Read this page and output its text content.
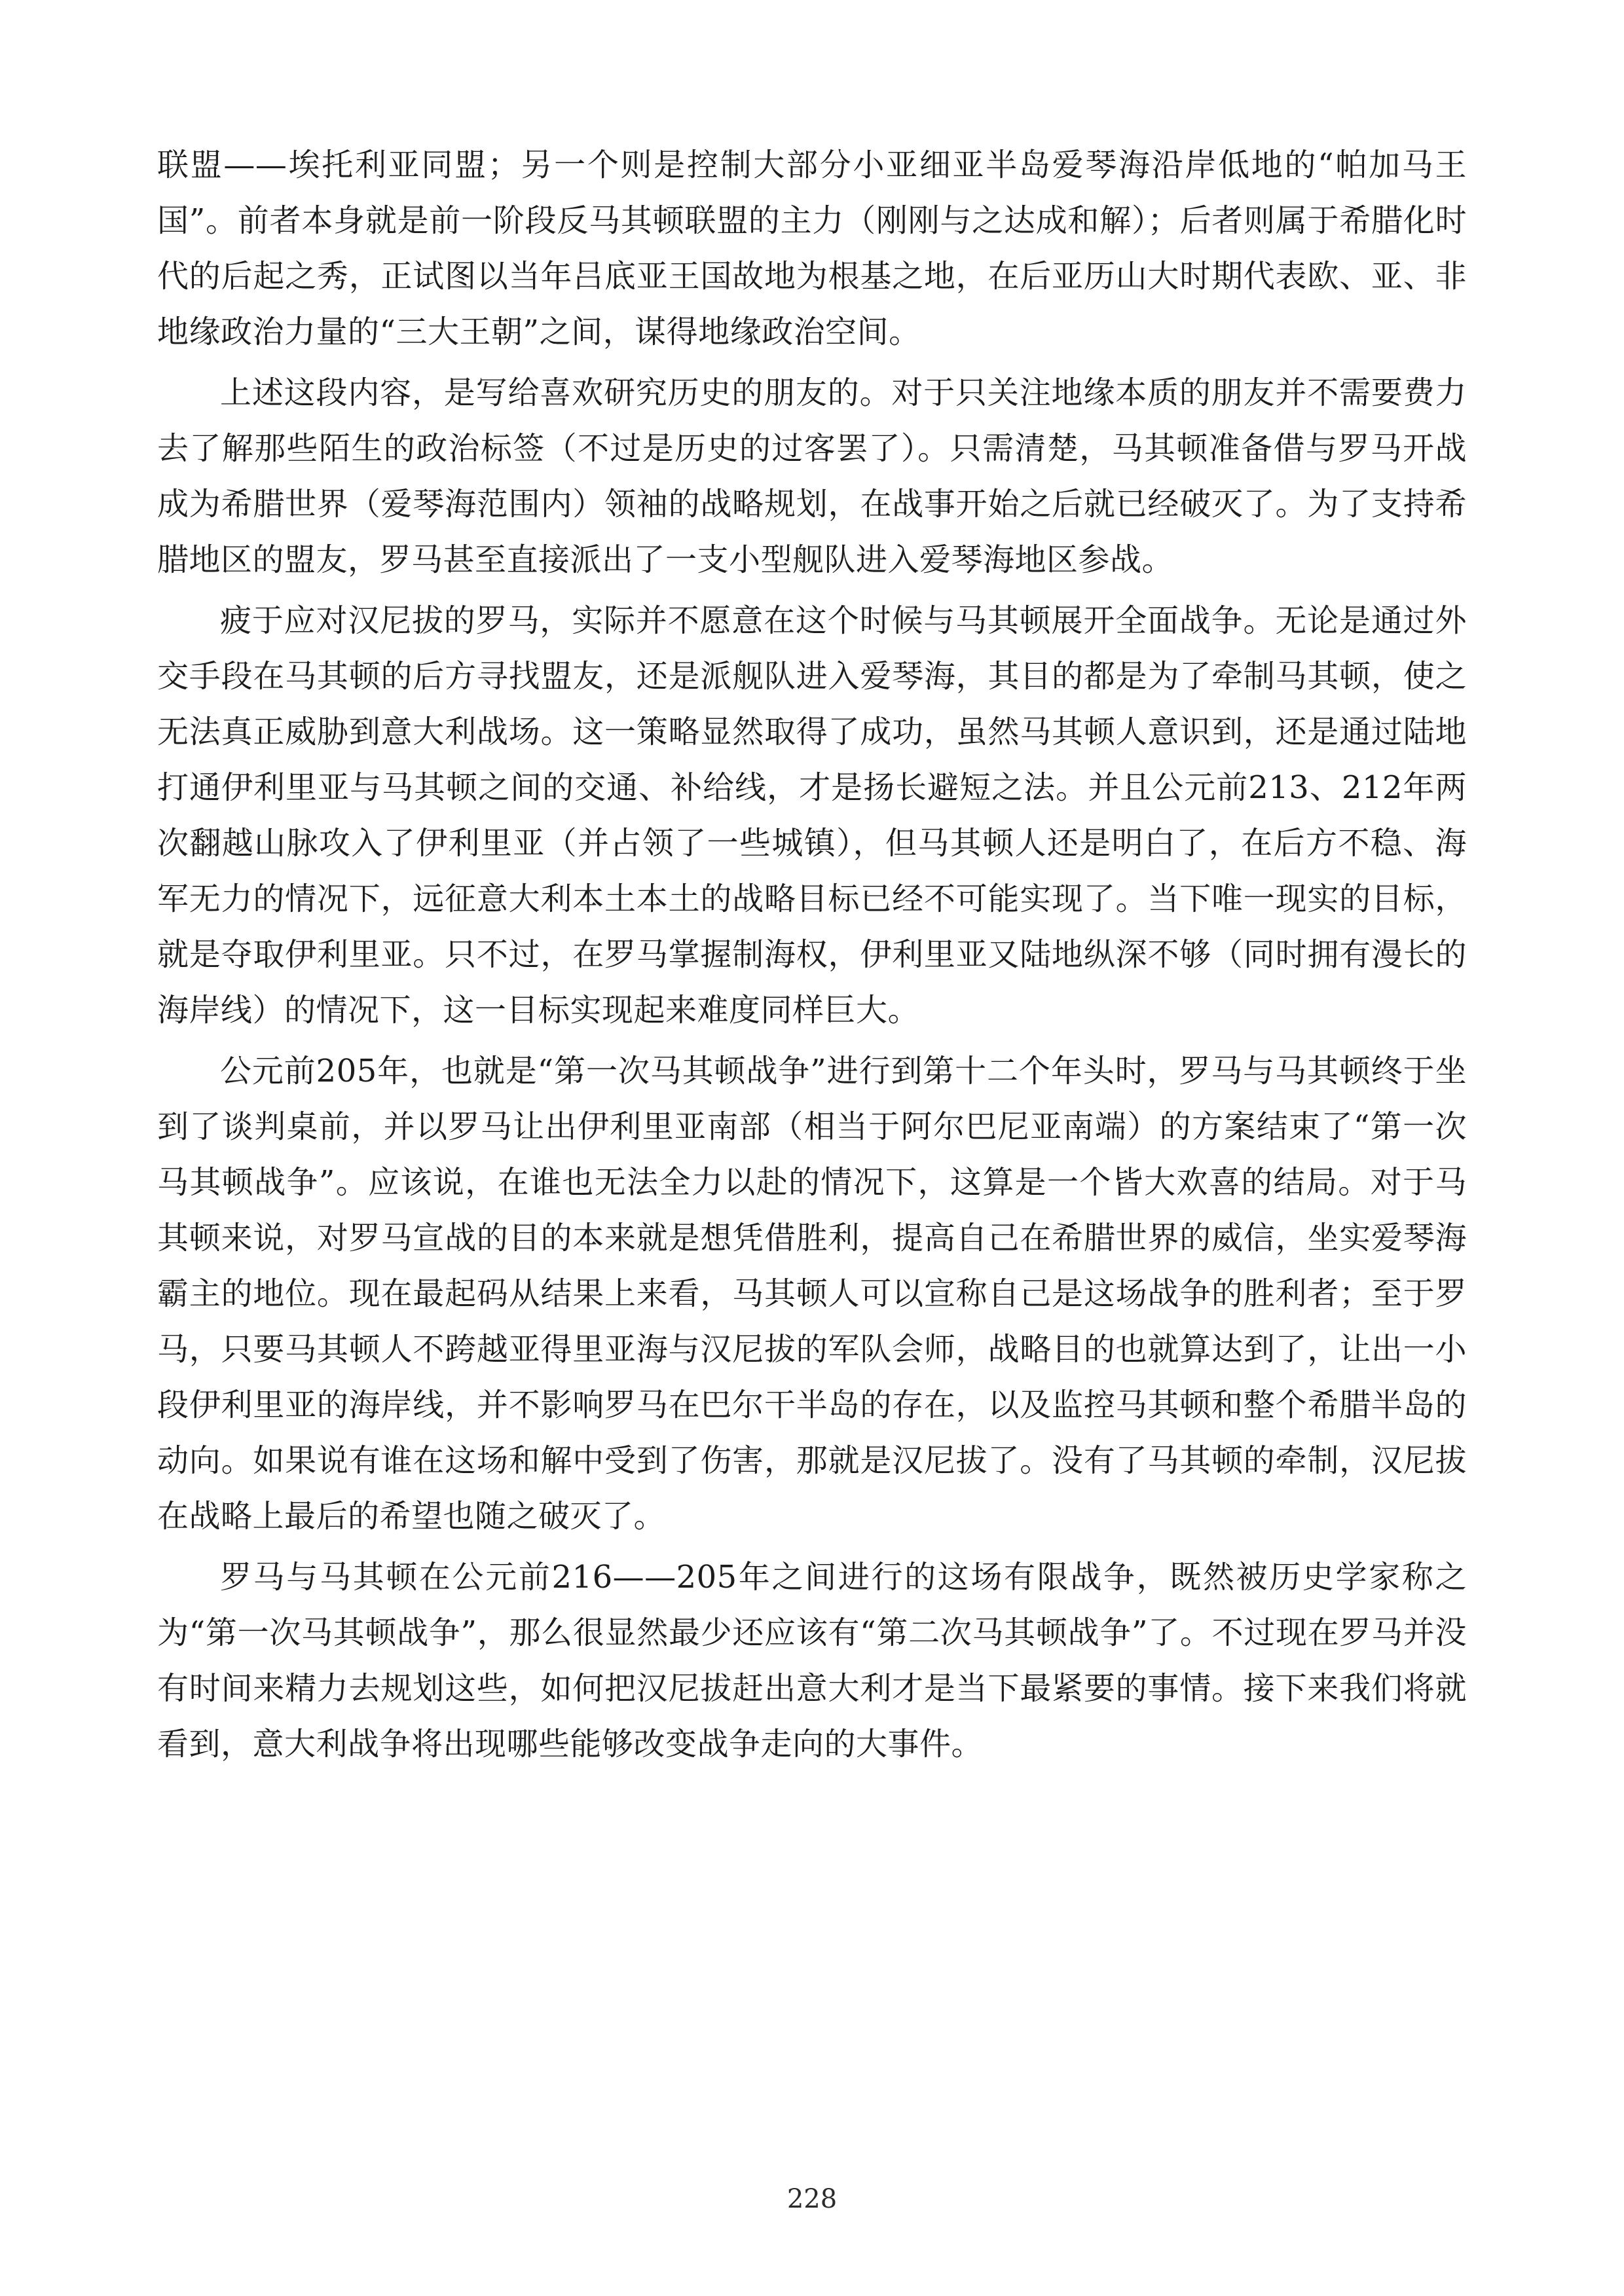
联盟——埃托利亚同盟；另一个则是控制大部分小亚细亚半岛爱琴海沿岸低地的“帕加马王国”。前者本身就是前一阶段反马其顿联盟的主力（刚刚与之达成和解）；后者则属于希腊化时代的后起之秀，正试图以当年吕底亚王国故地为根基之地，在后亚历山大时期代表欧、亚、非地缘政治力量的“三大王朝”之间，谋得地缘政治空间。

上述这段内容，是写给喜欢研究历史的朋友的。对于只关注地缘本质的朋友并不需要费力去了解那些陌生的政治标签（不过是历史的过客罢了）。只需清楚，马其顿准备借与罗马开战成为希腊世界（爱琴海范围内）领袖的战略规划，在战事开始之后就已经破灭了。为了支持希腊地区的盟友，罗马甚至直接派出了一支小型舰队进入爱琴海地区参战。

疲于应对汉尼拔的罗马，实际并不愿意在这个时候与马其顿展开全面战争。无论是通过外交手段在马其顿的后方寻找盟友，还是派舰队进入爱琴海，其目的都是为了牵制马其顿，使之无法真正威胁到意大利战场。这一策略显然取得了成功，虽然马其顿人意识到，还是通过陆地打通伊利里亚与马其顿之间的交通、补给线，才是扬长避短之法。并且公元前213、212年两次翻越山脉攻入了伊利里亚（并占领了一些城镇），但马其顿人还是明白了，在后方不稳、海军无力的情况下，远征意大利本土本土的战略目标已经不可能实现了。当下唯一现实的目标，就是夺取伊利里亚。只不过，在罗马掌握制海权，伊利里亚又陆地纵深不够（同时拥有漫长的海岸线）的情况下，这一目标实现起来难度同样巨大。

公元前205年，也就是“第一次马其顿战争”进行到第十二个年头时，罗马与马其顿终于坐到了谈判桌前，并以罗马让出伊利里亚南部（相当于阿尔巴尼亚南端）的方案结束了“第一次马其顿战争”。应该说，在谁也无法全力以赴的情况下，这算是一个皆大欢喜的结局。对于马其顿来说，对罗马宣战的目的本来就是想凭借胜利，提高自己在希腊世界的威信，坐实爱琴海霸主的地位。现在最起码从结果上来看，马其顿人可以宣称自己是这场战争的胜利者；至于罗马，只要马其顿人不跨越亚得里亚海与汉尼拔的军队会师，战略目的也就算达到了，让出一小段伊利里亚的海岸线，并不影响罗马在巴尔干半岛的存在，以及监控马其顿和整个希腊半岛的动向。如果说有谁在这场和解中受到了伤害，那就是汉尼拔了。没有了马其顿的牵制，汉尼拔在战略上最后的希望也随之破灭了。

罗马与马其顿在公元前216——205年之间进行的这场有限战争，既然被历史学家称之为“第一次马其顿战争”，那么很显然最少还应该有“第二次马其顿战争”了。不过现在罗马并没有时间来精力去规划这些，如何把汉尼拔赶出意大利才是当下最紧要的事情。接下来我们将就看到，意大利战争将出现哪些能够改变战争走向的大事件。

228
